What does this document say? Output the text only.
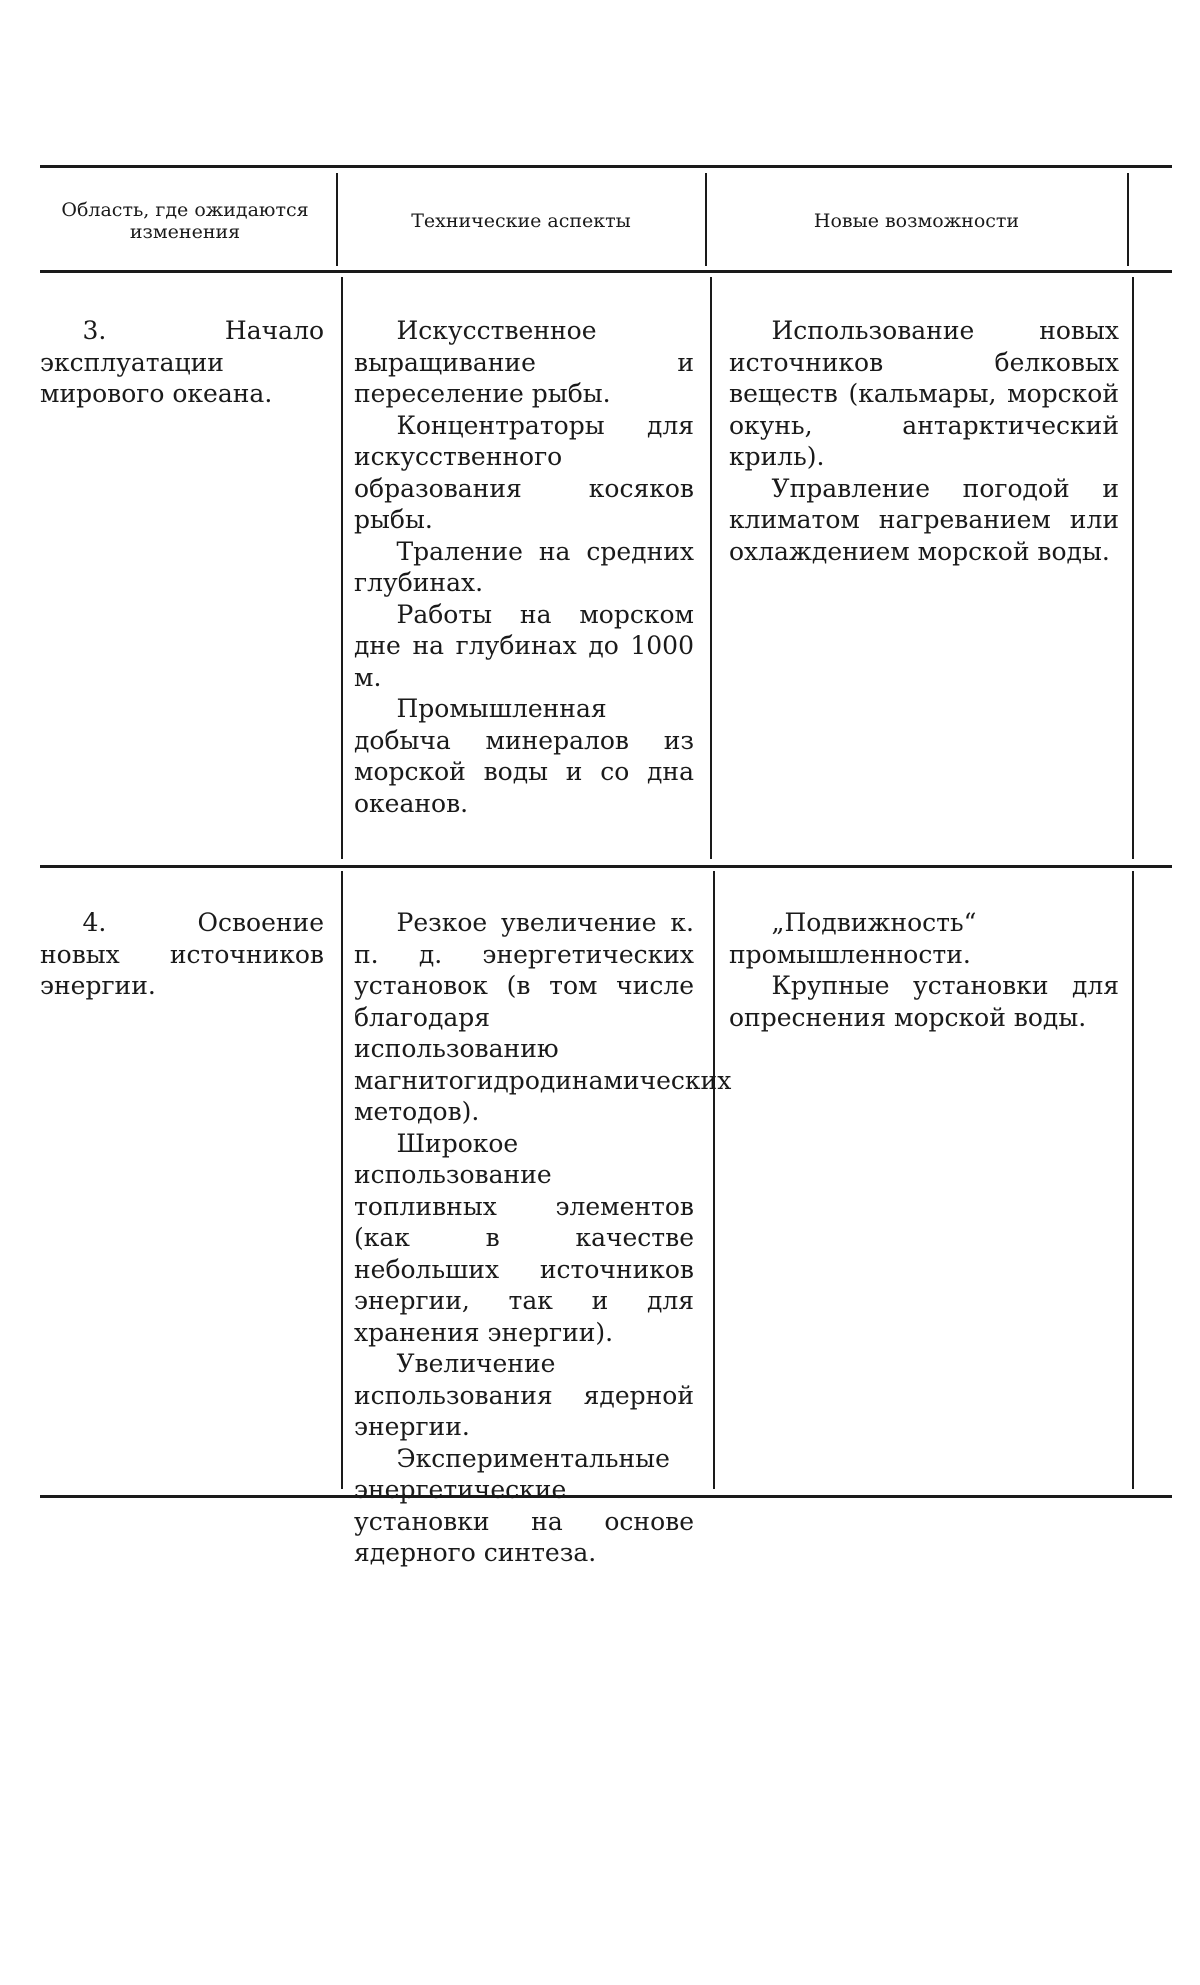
Область, где ожидаются изменения	Технические аспекты	Новые возможности

3. Начало эксплуатации мирового океана.

Искусственное выращивание и переселение рыбы.

Концентраторы для искусственного образования косяков рыбы.

Траление на средних глубинах.

Работы на морском дне на глубинах до 1000 м.

Промышленная добыча минералов из морской воды и со дна океанов.

Использование новых источников белковых веществ (кальмары, морской окунь, антарктический криль).

Управление погодой и климатом нагреванием или охлаждением морской воды.

4. Освоение новых источников энергии.

Резкое увеличение к. п. д. энергетических установок (в том числе благодаря использованию магнитогидродинамических методов).

Широкое использование топливных элементов (как в качестве небольших источников энергии, так и для хранения энергии).

Увеличение использования ядерной энергии.

Экспериментальные энергетические установки на основе ядерного синтеза.

„Подвижность“ промышленности.

Крупные установки для опреснения морской воды.
